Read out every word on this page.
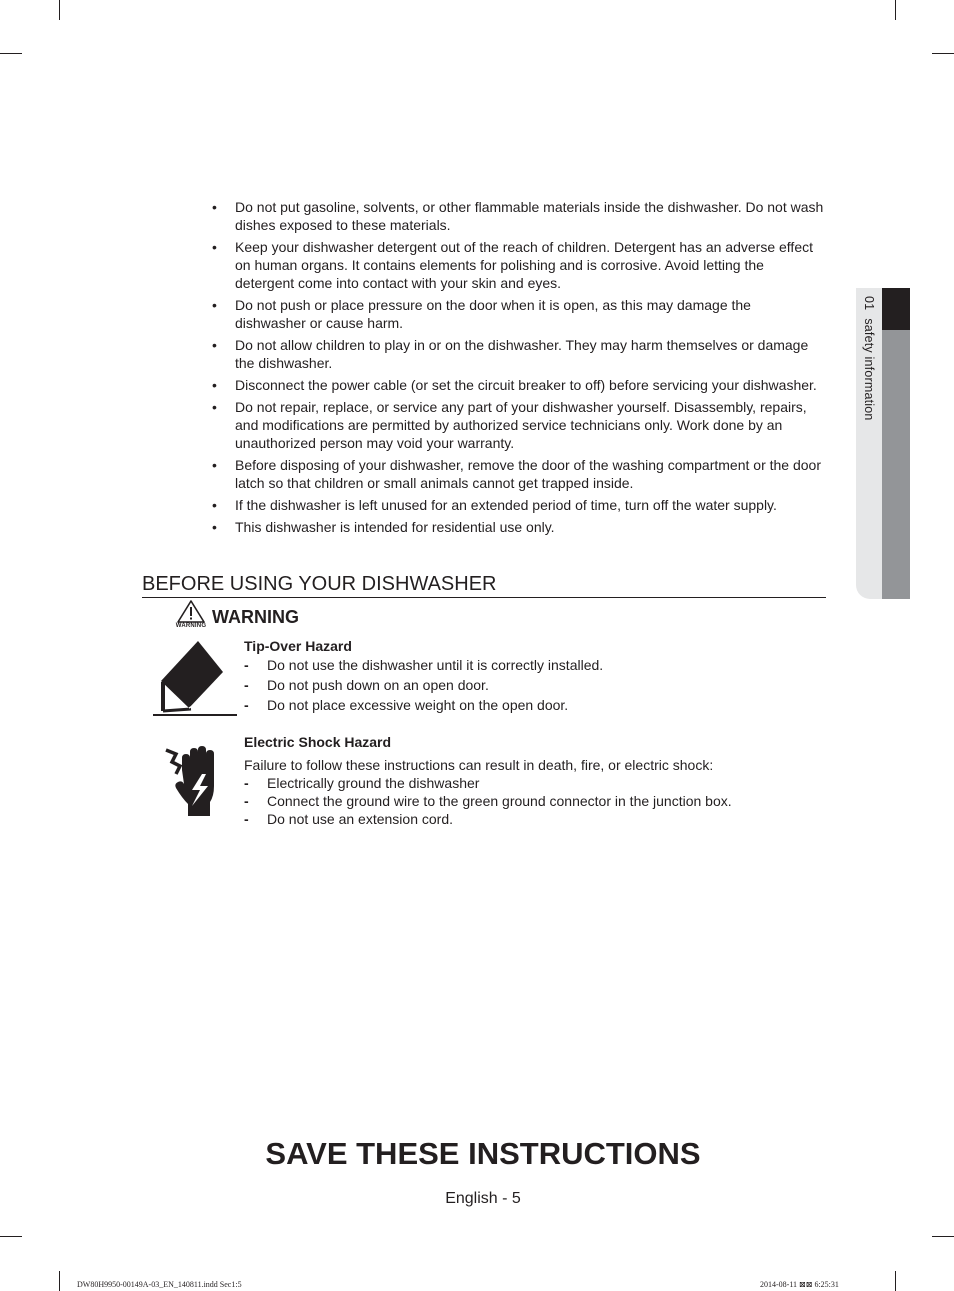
01safety information
• Do not put gasoline, solvents, or other flammable materials inside the dishwasher. Do not wash dishes exposed to these materials.
• Keep your dishwasher detergent out of the reach of children. Detergent has an adverse effect on human organs. It contains elements for polishing and is corrosive. Avoid letting the detergent come into contact with your skin and eyes.
• Do not push or place pressure on the door when it is open, as this may damage the dishwasher or cause harm.
• Do not allow children to play in or on the dishwasher. They may harm themselves or damage the dishwasher.
• Disconnect the power cable (or set the circuit breaker to off) before servicing your dishwasher.
• Do not repair, replace, or service any part of your dishwasher yourself. Disassembly, repairs, and modifications are permitted by authorized service technicians only. Work done by an unauthorized person may void your warranty.
• Before disposing of your dishwasher, remove the door of the washing compartment or the door latch so that children or small animals cannot get trapped inside.
• If the dishwasher is left unused for an extended period of time, turn off the water supply.
• This dishwasher is intended for residential use only.
BEFORE USING YOUR DISHWASHER
WARNING WARNING
Tip-Over Hazard
- Do not use the dishwasher until it is correctly installed.
- Do not push down on an open door.
- Do not place excessive weight on the open door.
Electric Shock Hazard
Failure to follow these instructions can result in death, fire, or electric shock:
- Electrically ground the dishwasher
- Connect the ground wire to the green ground connector in the junction box.
- Do not use an extension cord.
SAVE THESE INSTRUCTIONS
English - 5
DW80H9950-00149A-03_EN_140811.indd Sec1:5	2014-08-11 ⊠⊠ 6:25:31
